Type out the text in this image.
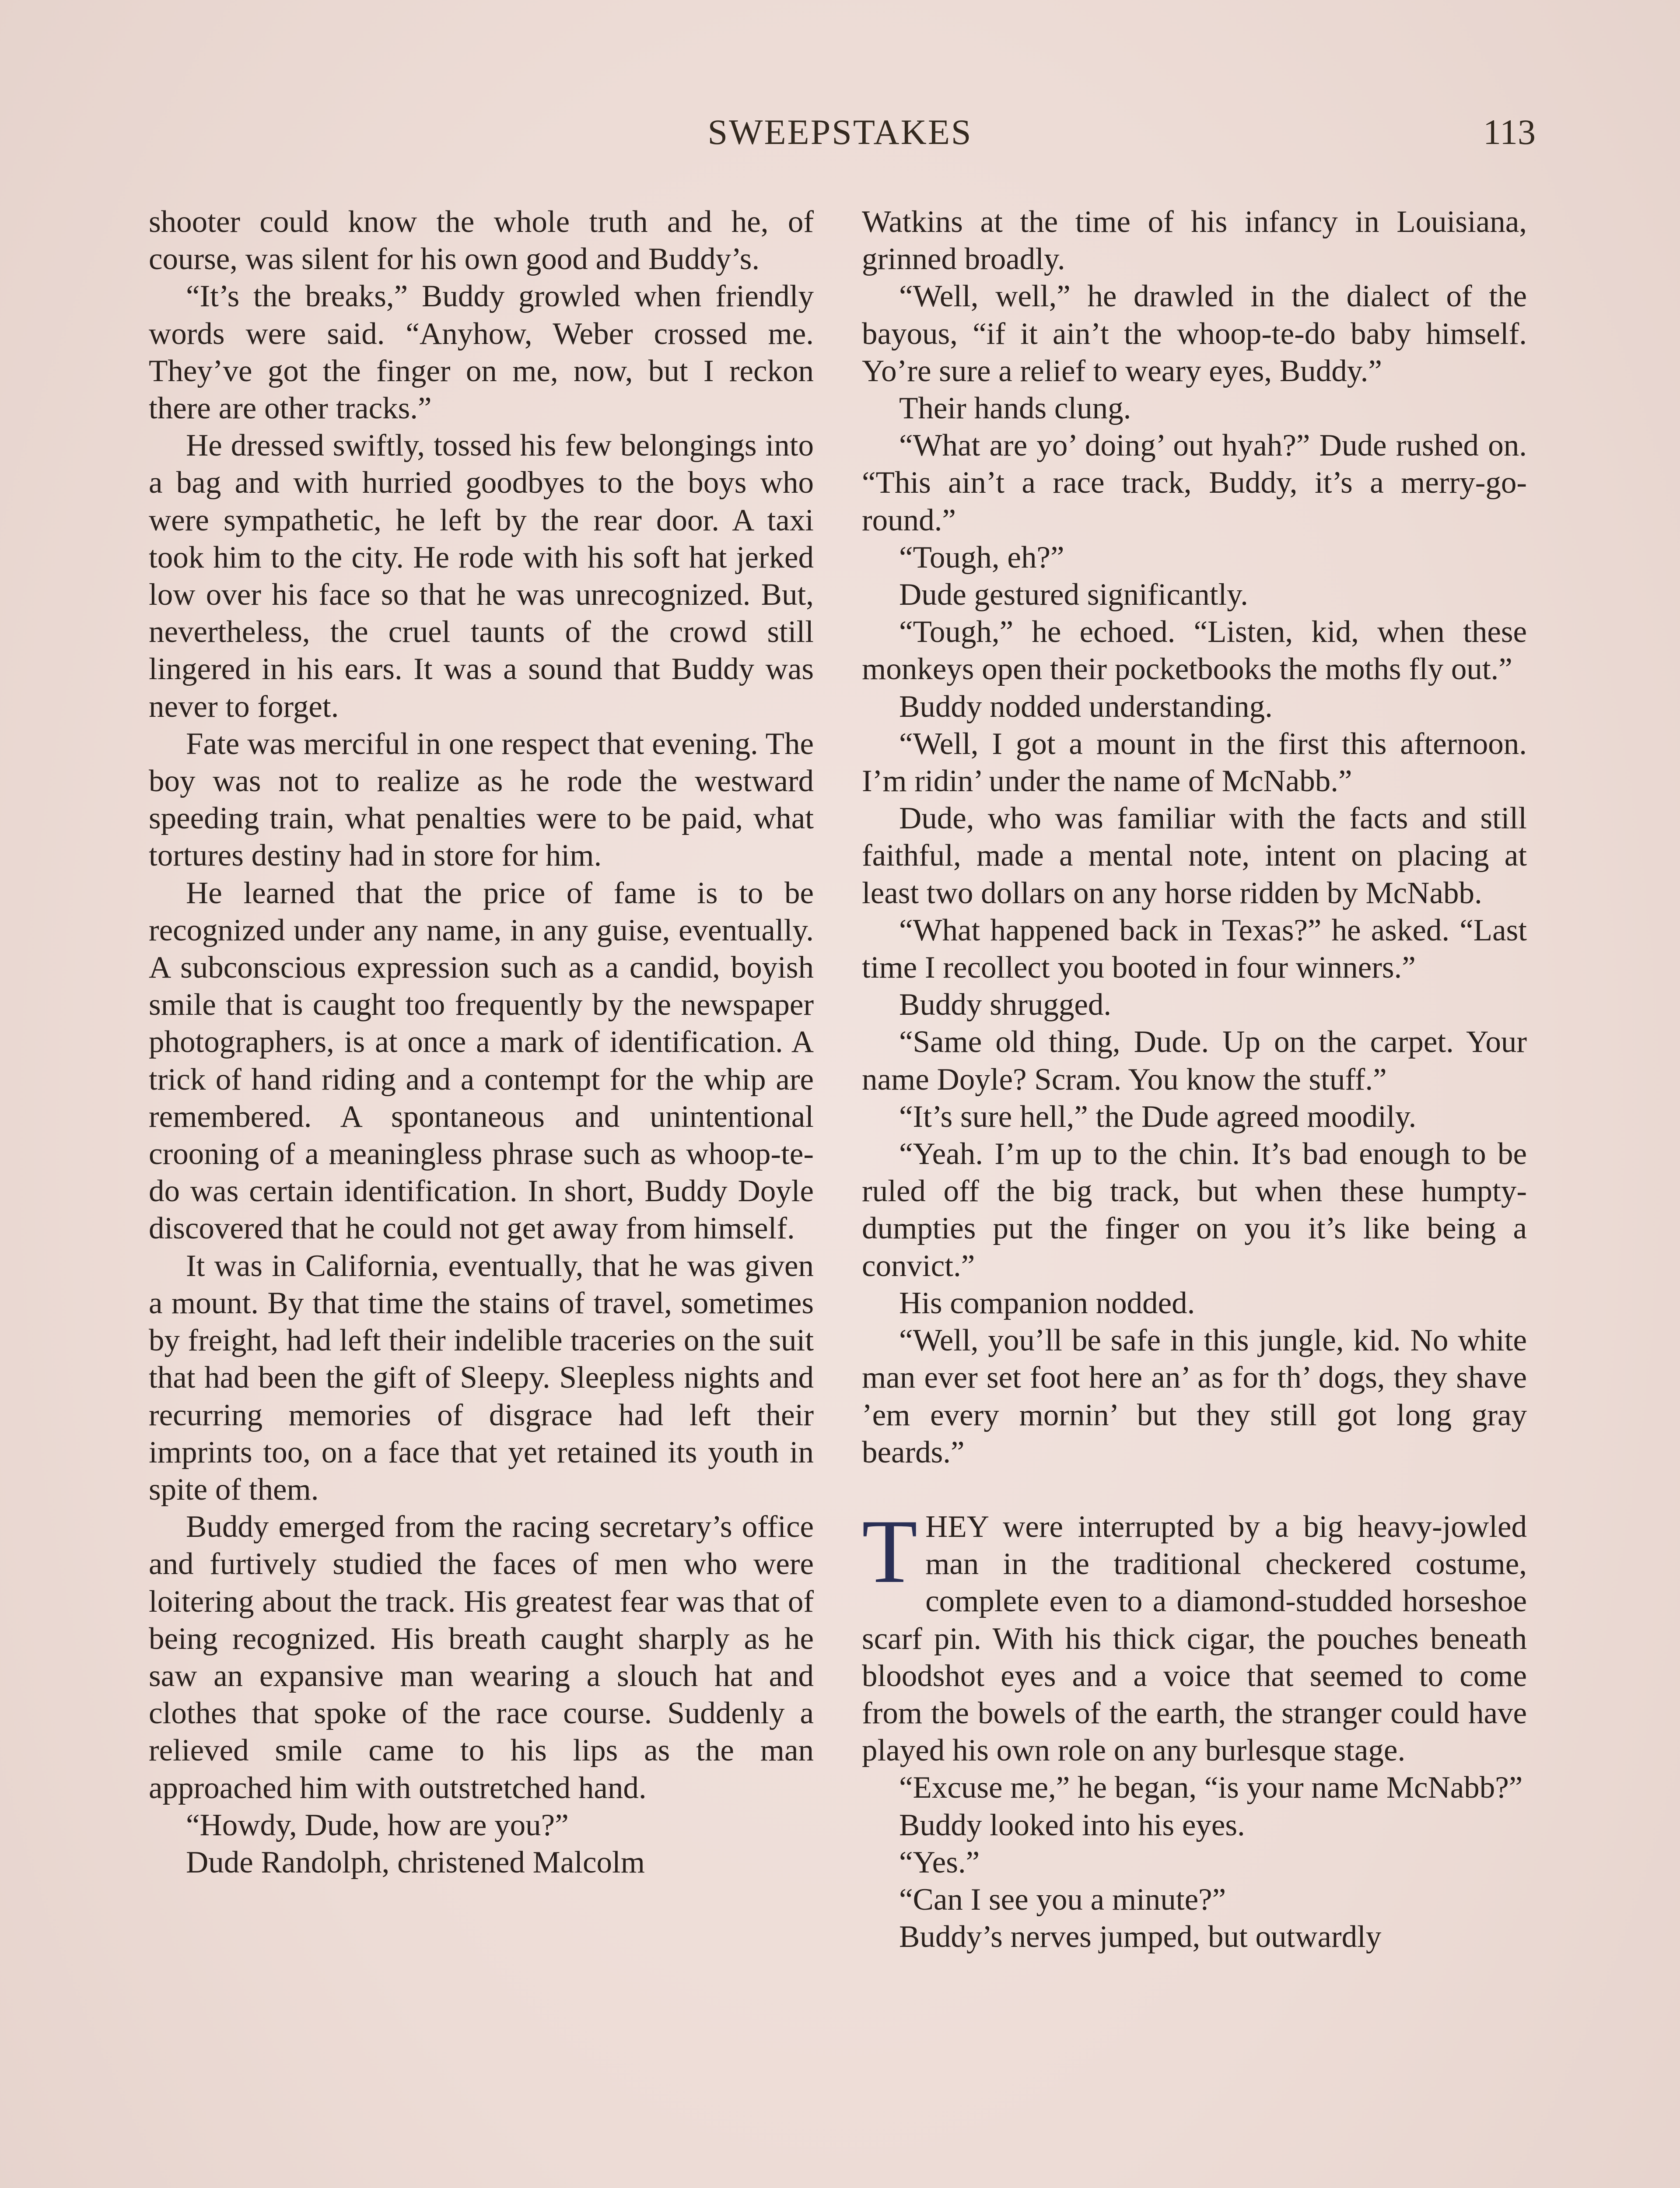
SWEEPSTAKES	113

shooter could know the whole truth and he, of course, was silent for his own good and Buddy’s.

“It’s the breaks,” Buddy growled when friendly words were said. “Anyhow, Weber crossed me. They’ve got the finger on me, now, but I reckon there are other tracks.”

He dressed swiftly, tossed his few belongings into a bag and with hurried goodbyes to the boys who were sympathetic, he left by the rear door. A taxi took him to the city. He rode with his soft hat jerked low over his face so that he was unrecognized. But, nevertheless, the cruel taunts of the crowd still lingered in his ears. It was a sound that Buddy was never to forget.

Fate was merciful in one respect that evening. The boy was not to realize as he rode the westward speeding train, what penalties were to be paid, what tortures destiny had in store for him.

He learned that the price of fame is to be recognized under any name, in any guise, eventually. A subconscious expression such as a candid, boyish smile that is caught too frequently by the newspaper photographers, is at once a mark of identification. A trick of hand riding and a contempt for the whip are remembered. A spontaneous and unintentional crooning of a meaningless phrase such as whoop-te-do was certain identification. In short, Buddy Doyle discovered that he could not get away from himself.

It was in California, eventually, that he was given a mount. By that time the stains of travel, sometimes by freight, had left their indelible traceries on the suit that had been the gift of Sleepy. Sleepless nights and recurring memories of disgrace had left their imprints too, on a face that yet retained its youth in spite of them.

Buddy emerged from the racing secretary’s office and furtively studied the faces of men who were loitering about the track. His greatest fear was that of being recognized. His breath caught sharply as he saw an expansive man wearing a slouch hat and clothes that spoke of the race course. Suddenly a relieved smile came to his lips as the man approached him with outstretched hand.

“Howdy, Dude, how are you?”

Dude Randolph, christened Malcolm

Watkins at the time of his infancy in Louisiana, grinned broadly.

“Well, well,” he drawled in the dialect of the bayous, “if it ain’t the whoop-te-do baby himself. Yo’re sure a relief to weary eyes, Buddy.”

Their hands clung.

“What are yo’ doing’ out hyah?” Dude rushed on. “This ain’t a race track, Buddy, it’s a merry-go-round.”

“Tough, eh?”

Dude gestured significantly.

“Tough,” he echoed. “Listen, kid, when these monkeys open their pocketbooks the moths fly out.”

Buddy nodded understanding.

“Well, I got a mount in the first this afternoon. I’m ridin’ under the name of McNabb.”

Dude, who was familiar with the facts and still faithful, made a mental note, intent on placing at least two dollars on any horse ridden by McNabb.

“What happened back in Texas?” he asked. “Last time I recollect you booted in four winners.”

Buddy shrugged.

“Same old thing, Dude. Up on the carpet. Your name Doyle? Scram. You know the stuff.”

“It’s sure hell,” the Dude agreed moodily.

“Yeah. I’m up to the chin. It’s bad enough to be ruled off the big track, but when these humpty-dumpties put the finger on you it’s like being a convict.”

His companion nodded.

“Well, you’ll be safe in this jungle, kid. No white man ever set foot here an’ as for th’ dogs, they shave ’em every mornin’ but they still got long gray beards.”

THEY were interrupted by a big heavy-jowled man in the traditional checkered costume, complete even to a diamond-studded horseshoe scarf pin. With his thick cigar, the pouches beneath bloodshot eyes and a voice that seemed to come from the bowels of the earth, the stranger could have played his own role on any burlesque stage.

“Excuse me,” he began, “is your name McNabb?”

Buddy looked into his eyes.

“Yes.”

“Can I see you a minute?”

Buddy’s nerves jumped, but outwardly
